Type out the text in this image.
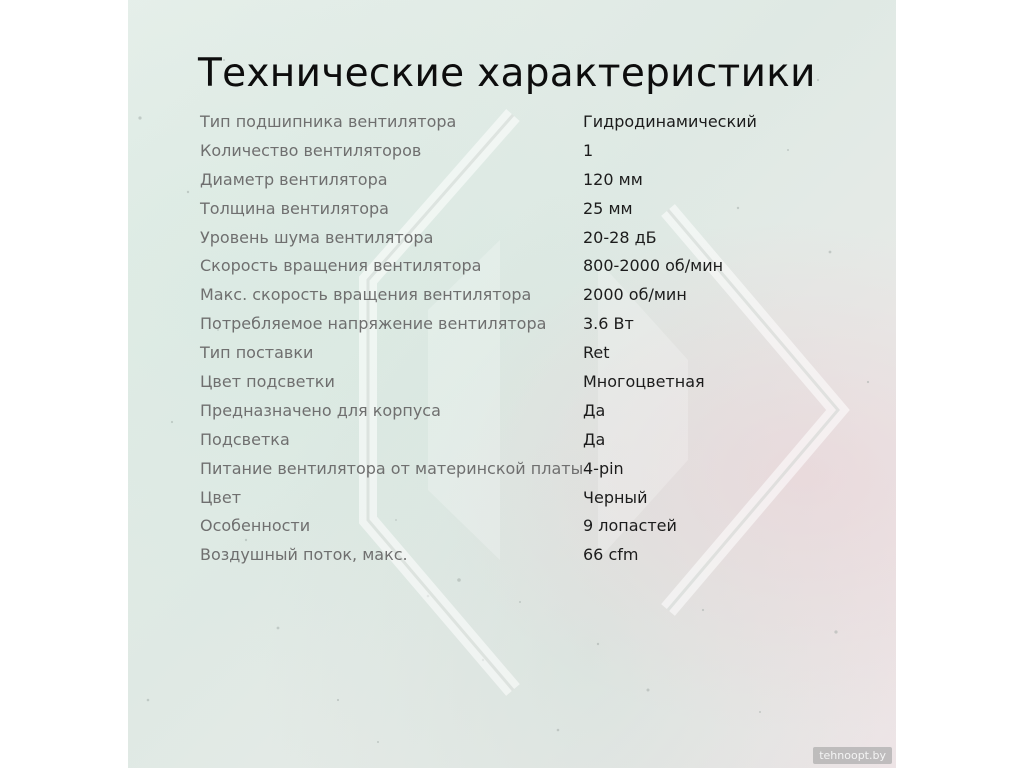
Технические характеристики
Тип подшипника вентилятора	Гидродинамический
Количество вентиляторов	1
Диаметр вентилятора	120 мм
Толщина вентилятора	25 мм
Уровень шума вентилятора	20-28 дБ
Скорость вращения вентилятора	800-2000 об/мин
Макс. скорость вращения вентилятора	2000 об/мин
Потребляемое напряжение вентилятора	3.6 Вт
Тип поставки	Ret
Цвет подсветки	Многоцветная
Предназначено для корпуса	Да
Подсветка	Да
Питание вентилятора от материнской платы 4-pin
Цвет	Черный
Особенности	9 лопастей
Воздушный поток, макс.	66 cfm
tehnoopt.by
